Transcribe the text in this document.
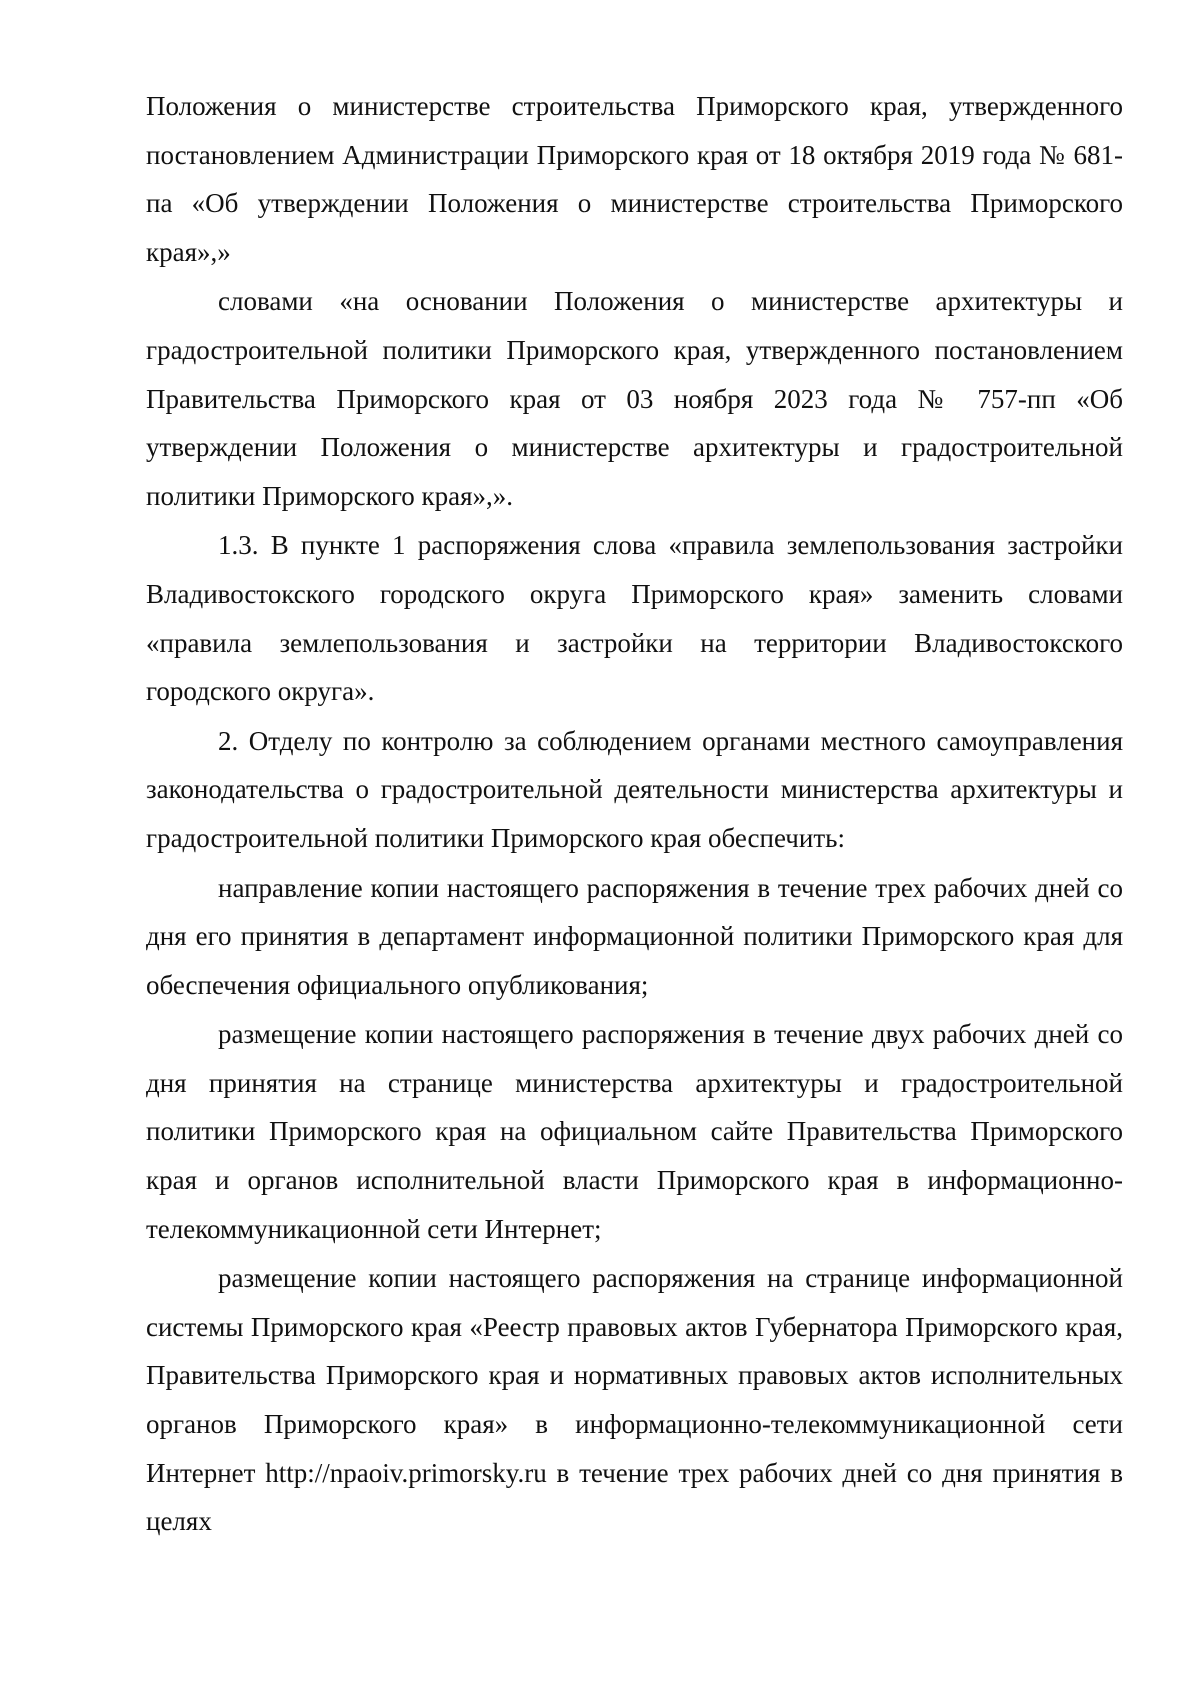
Положения о министерстве строительства Приморского края, утвержденного постановлением Администрации Приморского края от 18 октября 2019 года № 681-па «Об утверждении Положения о министерстве строительства Приморского края»,»

словами «на основании Положения о министерстве архитектуры и градостроительной политики Приморского края, утвержденного постановлением Правительства Приморского края от 03 ноября 2023 года № 757-пп «Об утверждении Положения о министерстве архитектуры и градостроительной политики Приморского края»,».

1.3. В пункте 1 распоряжения слова «правила землепользования застройки Владивостокского городского округа Приморского края» заменить словами «правила землепользования и застройки на территории Владивостокского городского округа».

2. Отделу по контролю за соблюдением органами местного самоуправления законодательства о градостроительной деятельности министерства архитектуры и градостроительной политики Приморского края обеспечить:

направление копии настоящего распоряжения в течение трех рабочих дней со дня его принятия в департамент информационной политики Приморского края для обеспечения официального опубликования;

размещение копии настоящего распоряжения в течение двух рабочих дней со дня принятия на странице министерства архитектуры и градостроительной политики Приморского края на официальном сайте Правительства Приморского края и органов исполнительной власти Приморского края в информационно-телекоммуникационной сети Интернет;

размещение копии настоящего распоряжения на странице информационной системы Приморского края «Реестр правовых актов Губернатора Приморского края, Правительства Приморского края и нормативных правовых актов исполнительных органов Приморского края» в информационно-телекоммуникационной сети Интернет http://npaoiv.primorsky.ru в течение трех рабочих дней со дня принятия в целях
